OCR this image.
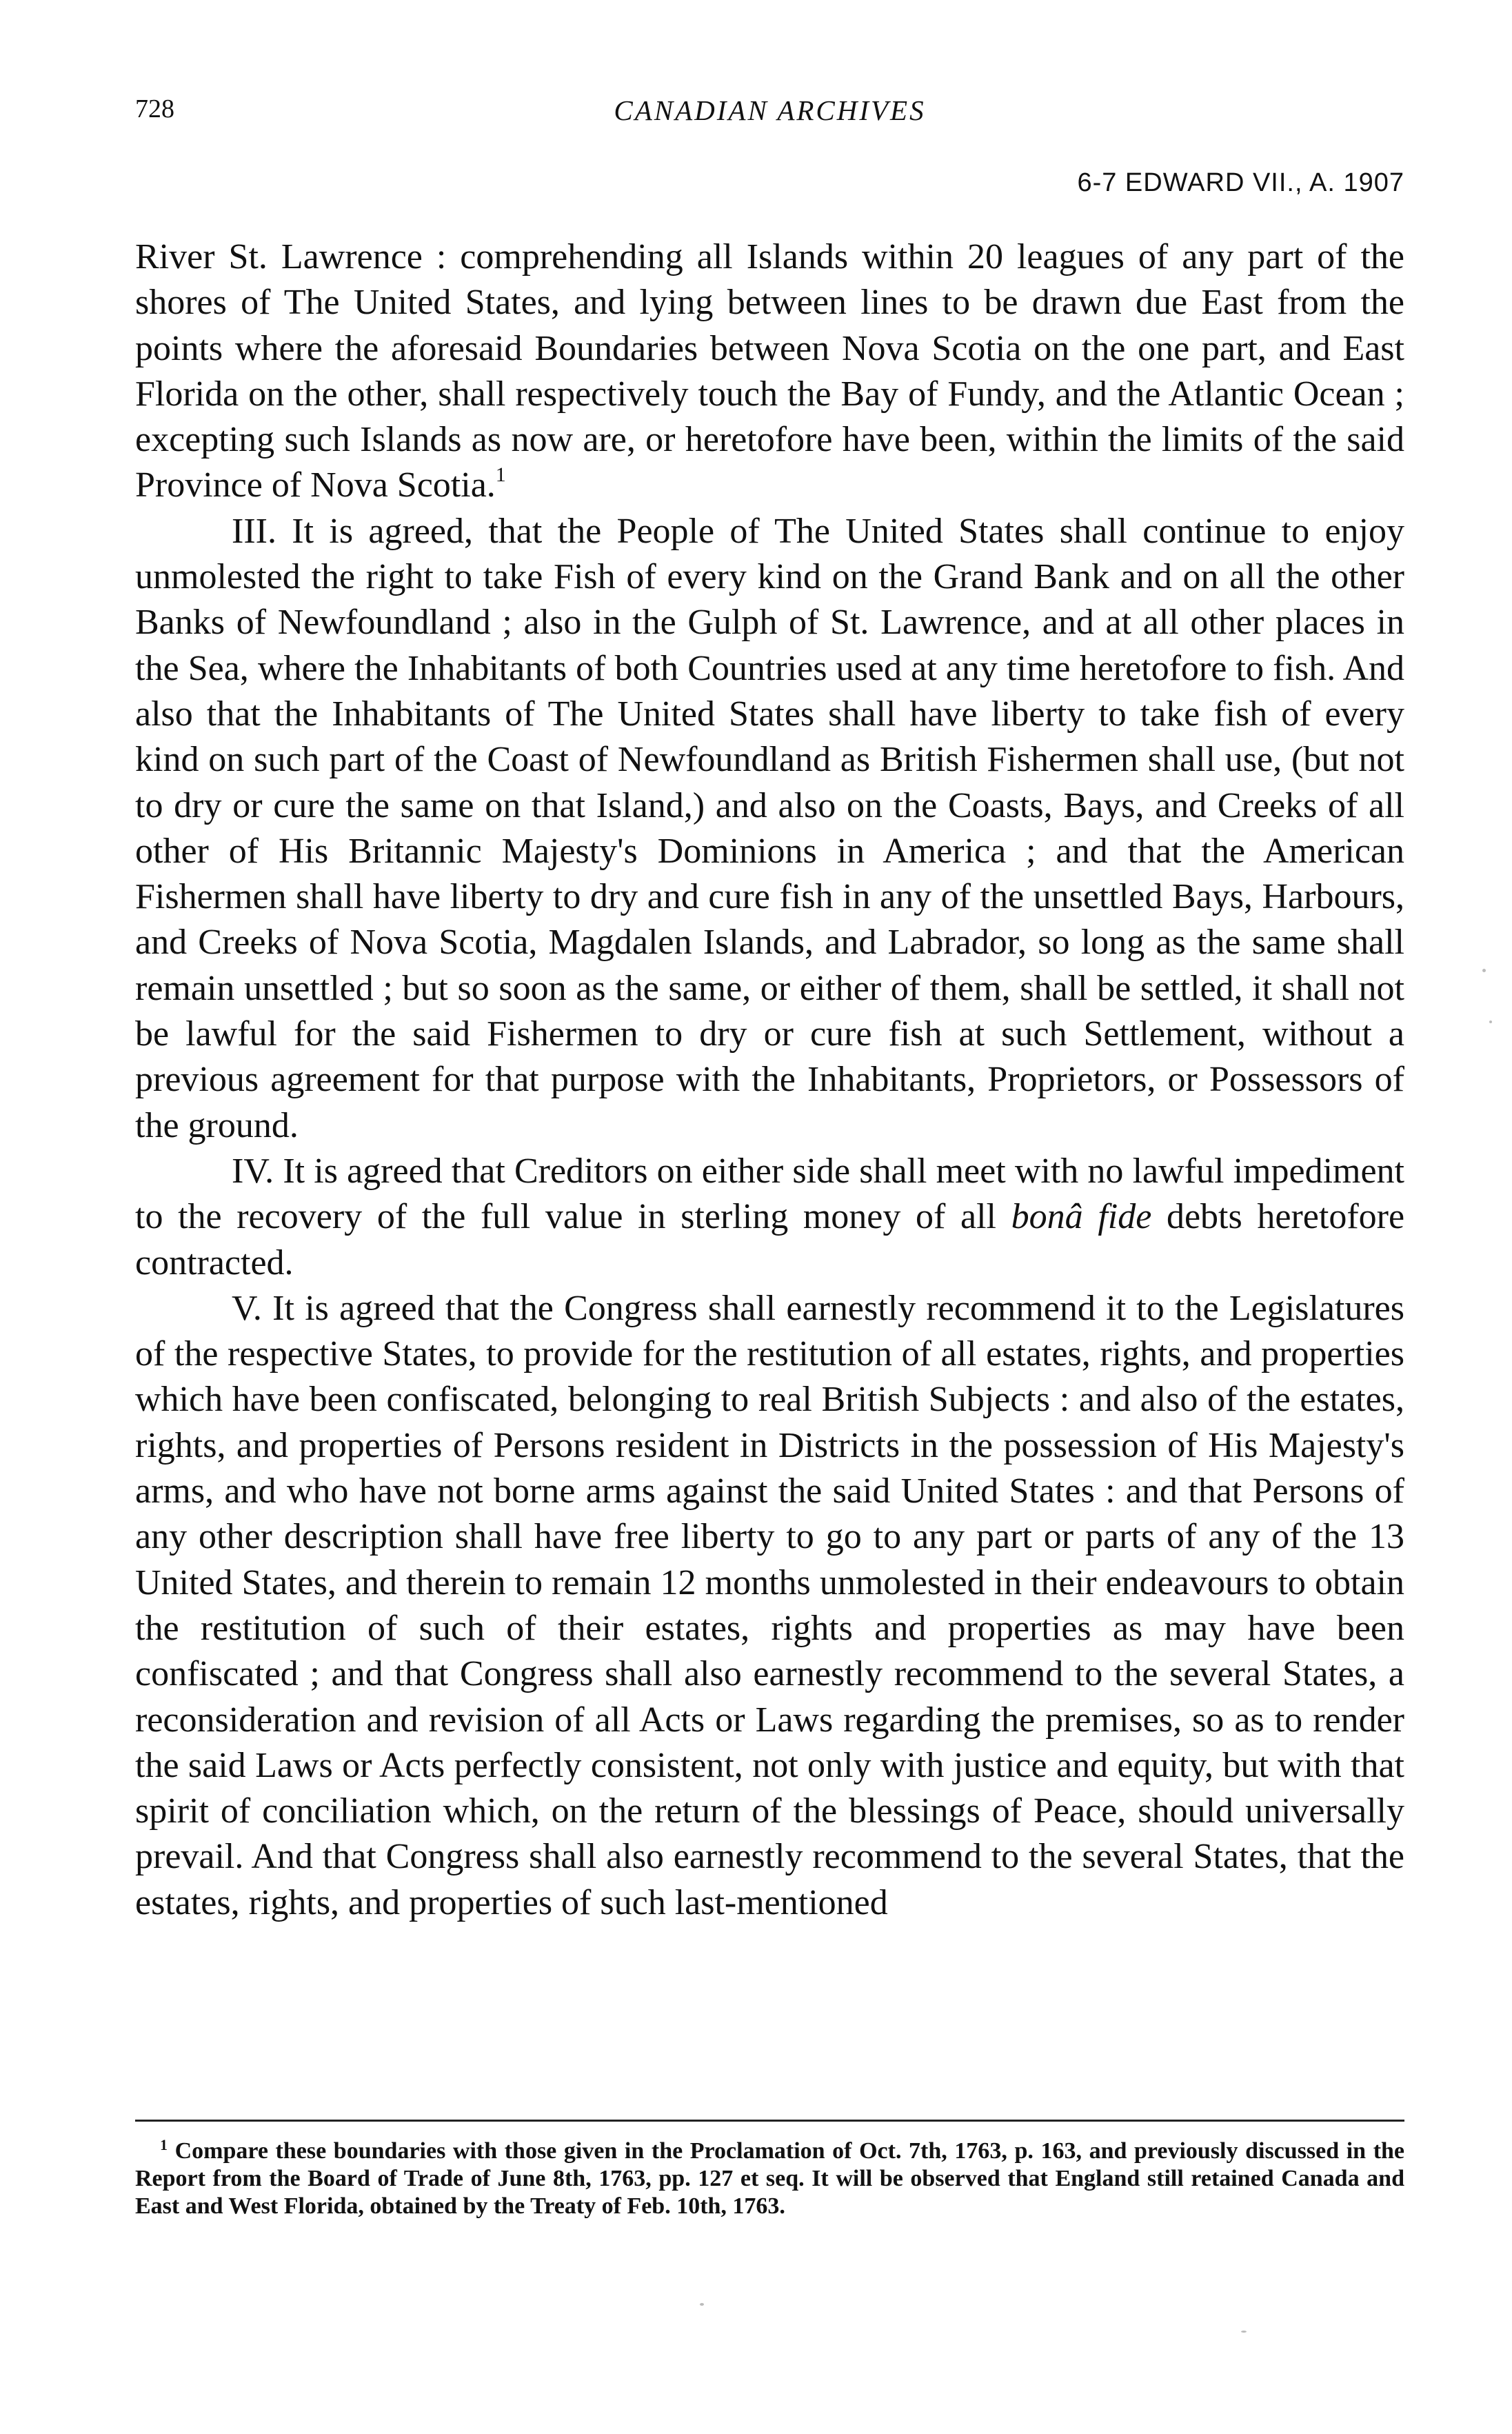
728	CANADIAN ARCHIVES
6-7 EDWARD VII., A. 1907

River St. Lawrence : comprehending all Islands within 20 leagues of any part of the shores of The United States, and lying between lines to be drawn due East from the points where the aforesaid Boundaries between Nova Scotia on the one part, and East Florida on the other, shall respectively touch the Bay of Fundy, and the Atlantic Ocean ; excepting such Islands as now are, or heretofore have been, within the limits of the said Province of Nova Scotia.$^1$

III. It is agreed, that the People of The United States shall continue to enjoy unmolested the right to take Fish of every kind on the Grand Bank and on all the other Banks of Newfoundland ; also in the Gulph of St. Lawrence, and at all other places in the Sea, where the Inhabitants of both Countries used at any time heretofore to fish. And also that the Inhabitants of The United States shall have liberty to take fish of every kind on such part of the Coast of Newfoundland as British Fishermen shall use, (but not to dry or cure the same on that Island,) and also on the Coasts, Bays, and Creeks of all other of His Britannic Majesty's Dominions in America ; and that the American Fishermen shall have liberty to dry and cure fish in any of the unsettled Bays, Harbours, and Creeks of Nova Scotia, Magdalen Islands, and Labrador, so long as the same shall remain unsettled ; but so soon as the same, or either of them, shall be settled, it shall not be lawful for the said Fishermen to dry or cure fish at such Settlement, without a previous agreement for that purpose with the Inhabitants, Proprietors, or Possessors of the ground.

IV. It is agreed that Creditors on either side shall meet with no lawful impediment to the recovery of the full value in sterling money of all bonâ fide debts heretofore contracted.

V. It is agreed that the Congress shall earnestly recommend it to the Legislatures of the respective States, to provide for the restitution of all estates, rights, and properties which have been confiscated, belonging to real British Subjects : and also of the estates, rights, and properties of Persons resident in Districts in the possession of His Majesty's arms, and who have not borne arms against the said United States : and that Persons of any other description shall have free liberty to go to any part or parts of any of the 13 United States, and therein to remain 12 months unmolested in their endeavours to obtain the restitution of such of their estates, rights and properties as may have been confiscated ; and that Congress shall also earnestly recommend to the several States, a reconsideration and revision of all Acts or Laws regarding the premises, so as to render the said Laws or Acts perfectly consistent, not only with justice and equity, but with that spirit of conciliation which, on the return of the blessings of Peace, should universally prevail. And that Congress shall also earnestly recommend to the several States, that the estates, rights, and properties of such last-mentioned

$^1$ Compare these boundaries with those given in the Proclamation of Oct. 7th, 1763, p. 163, and previously discussed in the Report from the Board of Trade of June 8th, 1763, pp. 127 et seq. It will be observed that England still retained Canada and East and West Florida, obtained by the Treaty of Feb. 10th, 1763.
